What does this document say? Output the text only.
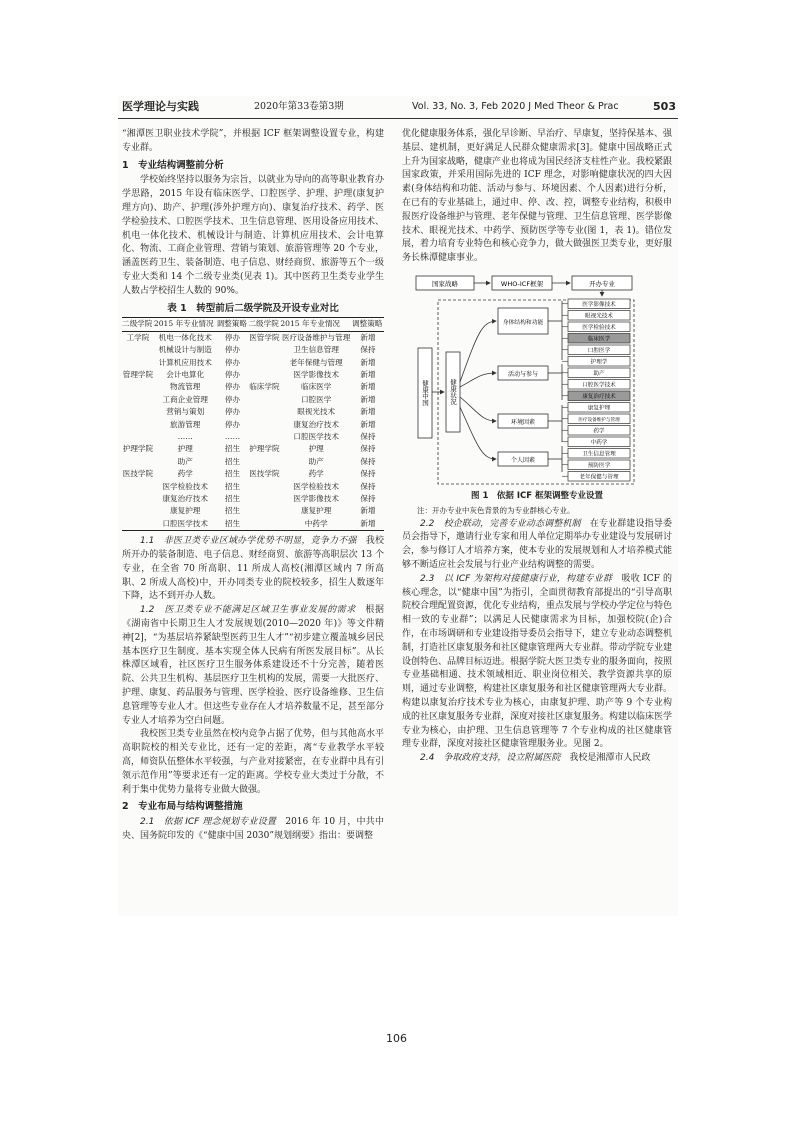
医学理论与实践	2020年第33卷第3期	Vol. 33, No. 3, Feb 2020 J Med Theor & Prac	503

“湘潭医卫职业技术学院”，并根据 ICF 框架调整设置专业，构建专业群。

1　专业结构调整前分析

学校始终坚持以服务为宗旨，以就业为导向的高等职业教育办学思路，2015 年设有临床医学、口腔医学、护理、护理(康复护理方向)、助产、护理(涉外护理方向)、康复治疗技术、药学、医学检验技术、口腔医学技术、卫生信息管理、医用设备应用技术、机电一体化技术、机械设计与制造、计算机应用技术、会计电算化、物流、工商企业管理、营销与策划、旅游管理等 20 个专业，涵盖医药卫生、装备制造、电子信息、财经商贸、旅游等五个一级专业大类和 14 个二级专业类(见表 1)。其中医药卫生类专业学生人数占学校招生人数的 90%。

表 1　转型前后二级学院及开设专业对比
二级学院	2015 年专业情况	调整策略	二级学院	2015 年专业情况	调整策略
工学院	机电一体化技术	停办	医管学院	医疗设备维护与管理	新增
	机械设计与制造	停办		卫生信息管理	保持
	计算机应用技术	停办		老年保健与管理	新增
管理学院	会计电算化	停办		医学影像技术	新增
	物流管理	停办	临床学院	临床医学	新增
	工商企业管理	停办		口腔医学	新增
	营销与策划	停办		眼视光技术	新增
	旅游管理	停办		康复治疗技术	新增
	……	……		口腔医学技术	保持
护理学院	护理	招生	护理学院	护理	保持
	助产	招生		助产	保持
医技学院	药学	招生	医技学院	药学	保持
	医学检验技术	招生		医学检验技术	保持
	康复治疗技术	招生		医学影像技术	保持
	康复护理	招生		康复护理	新增
	口腔医学技术	招生		中药学	新增

1.1　非医卫类专业区域办学优势不明显，竞争力不强　 我校所开办的装备制造、电子信息、财经商贸、旅游等高职层次 13 个专业，在全省 70 所高职、11 所成人高校(湘潭区域内 7 所高职、2 所成人高校)中，开办同类专业的院校较多，招生人数逐年下降，达不到开办人数。

1.2　医卫类专业不能满足区域卫生事业发展的需求　 根据《湖南省中长期卫生人才发展规划(2010—2020 年)》等文件精神[2]，“为基层培养紧缺型医药卫生人才”“初步建立覆盖城乡居民基本医疗卫生制度、基本实现全体人民病有所医发展目标”。从长株潭区域看，社区医疗卫生服务体系建设还不十分完善，随着医院、公共卫生机构、基层医疗卫生机构的发展，需要一大批医疗、护理、康复、药品服务与管理、医学检验、医疗设备维修、卫生信息管理等专业人才。但这些专业存在人才培养数量不足，甚至部分专业人才培养为空白问题。

我校医卫类专业虽然在校内竞争占据了优势，但与其他高水平高职院校的相关专业比，还有一定的差距，离“专业教学水平较高，师资队伍整体水平较强，与产业对接紧密，在专业群中具有引领示范作用”等要求还有一定的距离。学校专业大类过于分散，不利于集中优势力量将专业做大做强。

2　专业布局与结构调整措施

2.1　依据 ICF 理念规划专业设置　 2016 年 10 月，中共中央、国务院印发的《“健康中国 2030”规划纲要》指出：要调整

优化健康服务体系，强化早诊断、早治疗、早康复，坚持保基本、强基层、建机制，更好满足人民群众健康需求[3]。健康中国战略正式上升为国家战略，健康产业也将成为国民经济支柱性产业。我校紧跟国家政策，并采用国际先进的 ICF 理念，对影响健康状况的四大因素(身体结构和功能、活动与参与、环境因素、个人因素)进行分析，在已有的专业基础上，通过申、停、改、控，调整专业结构，积极申报医疗设备维护与管理、老年保健与管理、卫生信息管理、医学影像技术、眼视光技术、中药学、预防医学等专业(图 1，表 1)。错位发展，着力培育专业特色和核心竞争力，做大做强医卫类专业，更好服务长株潭健康事业。

国家战略	WHO-ICF框架	开办专业
健康中国	健康状况
身体结构和功能
活动与参与
环境因素
个人因素
医学影像技术
眼视光技术
医学检验技术
临床医学
口腔医学
护理学
助产
口腔医学技术
康复治疗技术
康复护理
医疗设备维护与管理
药学
中药学
卫生信息管理
预防医学
老年保健与管理
图 1　依据 ICF 框架调整专业设置

注：开办专业中灰色背景的为专业群核心专业。

2.2　校企联动，完善专业动态调整机制　 在专业群建设指导委员会指导下，邀请行业专家和用人单位定期举办专业建设与发展研讨会，参与修订人才培养方案，使本专业的发展规划和人才培养模式能够不断适应社会发展与行业产业结构调整的需要。

2.3　以 ICF 为架构对接健康行业，构建专业群　 吸收 ICF 的核心理念，以“健康中国”为指引，全面贯彻教育部提出的“引导高职院校合理配置资源，优化专业结构，重点发展与学校办学定位与特色相一致的专业群”；以满足人民健康需求为目标，加强校院(企)合作，在市场调研和专业建设指导委员会指导下，建立专业动态调整机制，打造社区康复服务和社区健康管理两大专业群。带动学院专业建设创特色、品牌目标迈进。根据学院大医卫类专业的服务面向，按照专业基础相通、技术领域相近、职业岗位相关、教学资源共享的原则，通过专业调整，构建社区康复服务和社区健康管理两大专业群。构建以康复治疗技术专业为核心，由康复护理、助产等 9 个专业构成的社区康复服务专业群，深度对接社区康复服务。构建以临床医学专业为核心，由护理、卫生信息管理等 7 个专业构成的社区健康管理专业群，深度对接社区健康管理服务业。见图 2。

2.4　争取政府支持，设立附属医院　 我校是湘潭市人民政

106
